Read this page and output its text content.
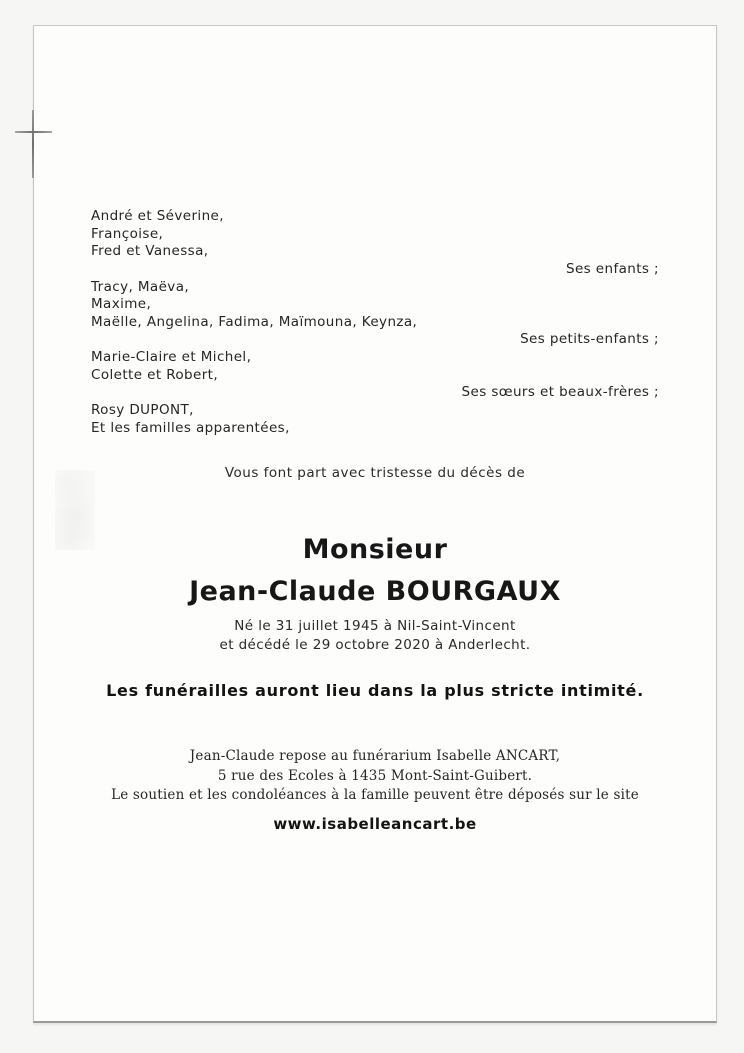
André et Séverine,
Françoise,
Fred et Vanessa,
Ses enfants ;
Tracy, Maëva,
Maxime,
Maëlle, Angelina, Fadima, Maïmouna, Keynza,
Ses petits-enfants ;
Marie-Claire et Michel,
Colette et Robert,
Ses sœurs et beaux-frères ;
Rosy DUPONT,
Et les familles apparentées,
Vous font part avec tristesse du décès de
Monsieur
Jean-Claude BOURGAUX
Né le 31 juillet 1945 à Nil-Saint-Vincent
et décédé le 29 octobre 2020 à Anderlecht.
Les funérailles auront lieu dans la plus stricte intimité.
Jean-Claude repose au funérarium Isabelle ANCART,
5 rue des Ecoles à 1435 Mont-Saint-Guibert.
Le soutien et les condoléances à la famille peuvent être déposés sur le site
www.isabelleancart.be
